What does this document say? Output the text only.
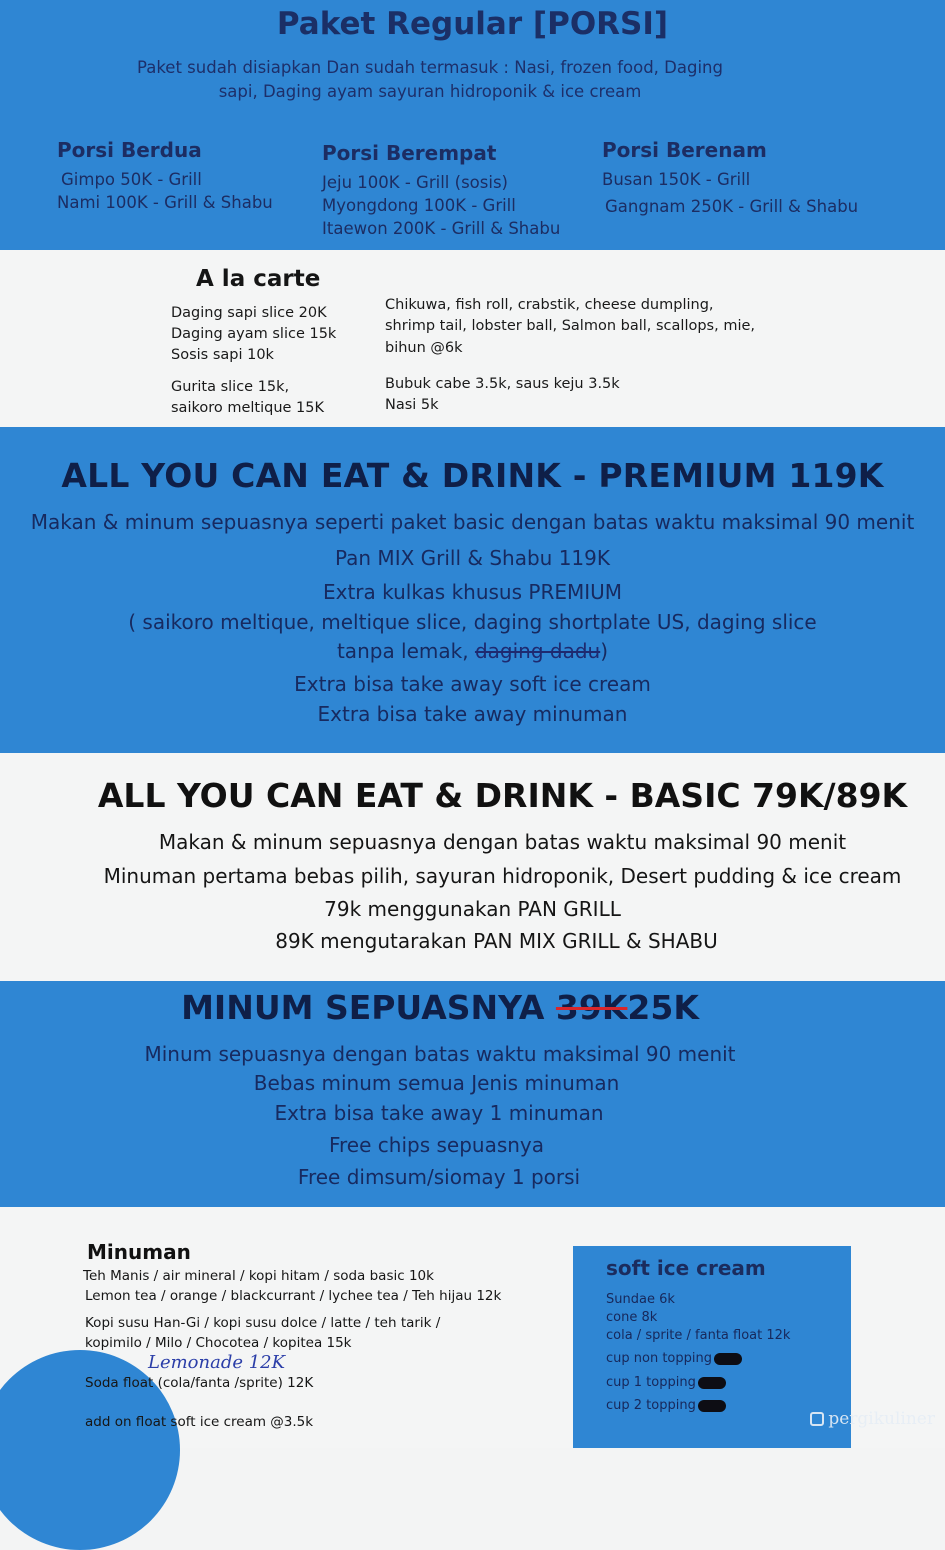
Paket Regular [PORSI]
Paket sudah disiapkan Dan sudah termasuk : Nasi, frozen food, Daging sapi, Daging ayam sayuran hidroponik & ice cream
Porsi Berdua
Gimpo 50K - Grill
Nami 100K - Grill & Shabu
Porsi Berempat
Jeju 100K - Grill (sosis)
Myongdong 100K - Grill
Itaewon 200K - Grill & Shabu
Porsi Berenam
Busan 150K - Grill
Gangnam 250K - Grill & Shabu
A la carte
Daging sapi slice 20K
Daging ayam slice 15k
Sosis sapi 10k
Gurita slice 15k,
saikoro meltique 15K
Chikuwa, fish roll, crabstik, cheese dumpling,
shrimp tail, lobster ball, Salmon ball, scallops, mie,
bihun @6k
Bubuk cabe 3.5k, saus keju 3.5k
Nasi 5k
ALL YOU CAN EAT & DRINK - PREMIUM 119K
Makan & minum sepuasnya seperti paket basic dengan batas waktu maksimal 90 menit
Pan MIX Grill & Shabu 119K
Extra kulkas khusus PREMIUM
( saikoro meltique, meltique slice, daging shortplate US, daging slice
tanpa lemak, daging dadu)
Extra bisa take away soft ice cream
Extra bisa take away minuman
ALL YOU CAN EAT & DRINK - BASIC 79K/89K
Makan & minum sepuasnya dengan batas waktu maksimal 90 menit
Minuman pertama bebas pilih, sayuran hidroponik, Desert pudding & ice cream
79k menggunakan PAN GRILL
89K mengutarakan PAN MIX GRILL & SHABU
MINUM SEPUASNYA 39K25K
Minum sepuasnya dengan batas waktu maksimal 90 menit
Bebas minum semua Jenis minuman
Extra bisa take away 1 minuman
Free chips sepuasnya
Free dimsum/siomay 1 porsi
Minuman
Teh Manis / air mineral / kopi hitam / soda basic 10k
Lemon tea / orange / blackcurrant / lychee tea / Teh hijau 12k
Kopi susu Han-Gi / kopi susu dolce / latte / teh tarik /
kopimilo / Milo / Chocotea / kopitea 15k
Lemonade 12K
Soda float (cola/fanta /sprite) 12K
add on float soft ice cream @3.5k
soft ice cream
Sundae 6k
cone 8k
cola / sprite / fanta float 12k
cup non topping
cup 1 topping
cup 2 topping
pergikuliner
